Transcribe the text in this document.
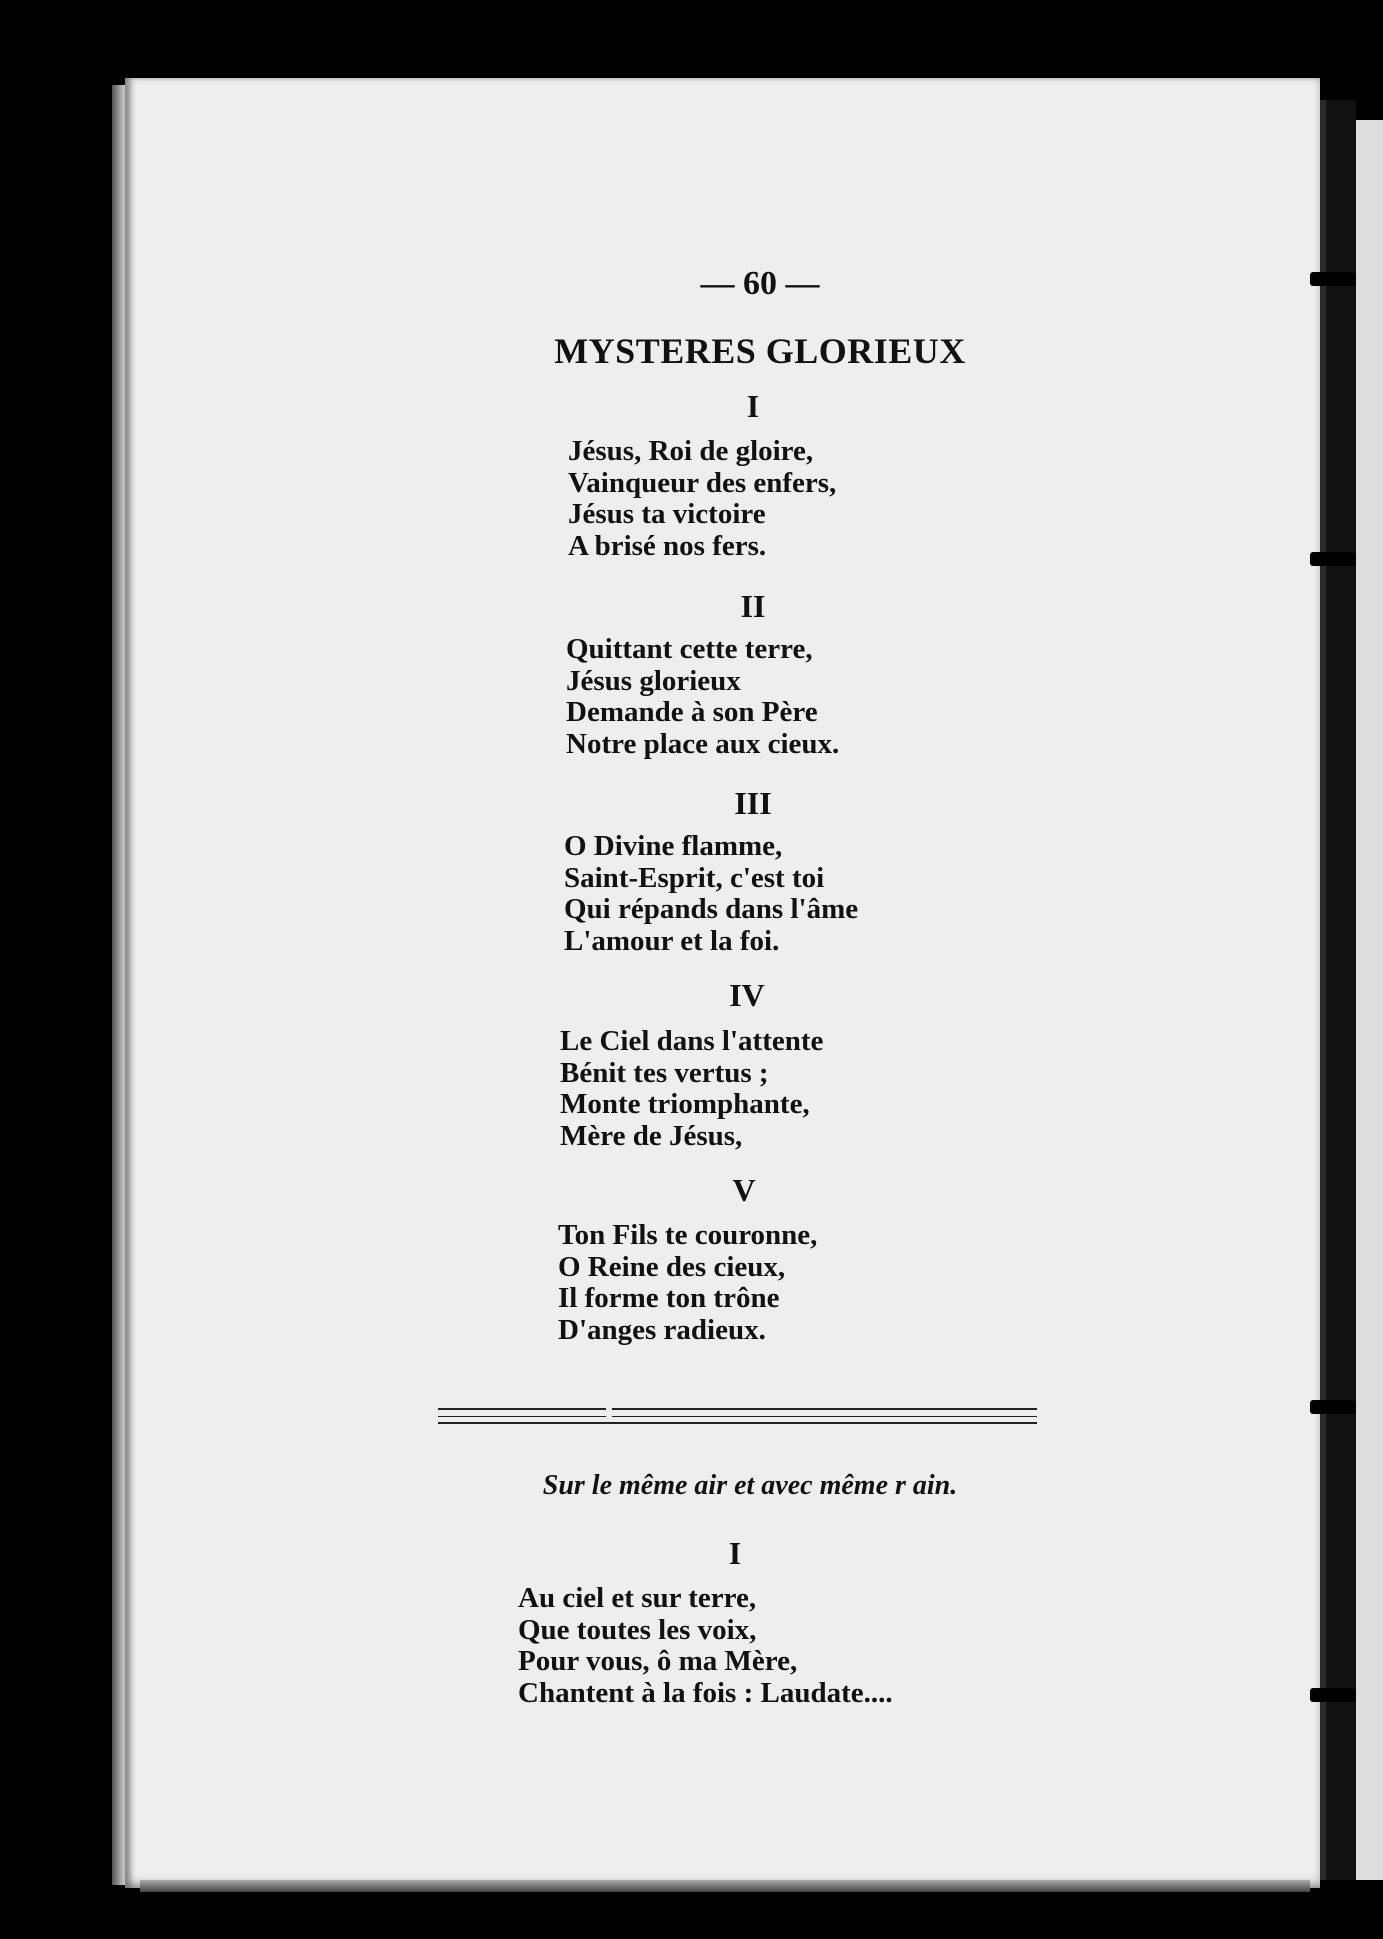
— 60 —
MYSTERES GLORIEUX
I
Jésus, Roi de gloire,
Vainqueur des enfers,
Jésus ta victoire
A brisé nos fers.
II
Quittant cette terre,
Jésus glorieux
Demande à son Père
Notre place aux cieux.
III
O Divine flamme,
Saint-Esprit, c'est toi
Qui répands dans l'âme
L'amour et la foi.
IV
Le Ciel dans l'attente
Bénit tes vertus ;
Monte triomphante,
Mère de Jésus,
V
Ton Fils te couronne,
O Reine des cieux,
Il forme ton trône
D'anges radieux.
Sur le même air et avec même r ain.
I
Au ciel et sur terre,
Que toutes les voix,
Pour vous, ô ma Mère,
Chantent à la fois : Laudate....
